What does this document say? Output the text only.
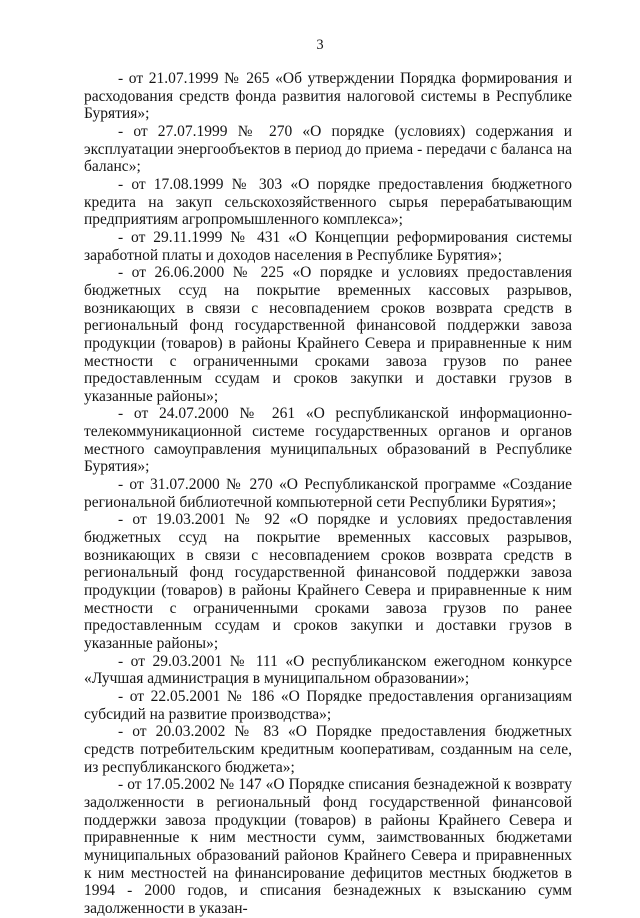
3

- от 21.07.1999 № 265 «Об утверждении Порядка формирования и расходования средств фонда развития налоговой системы в Республике Бурятия»;

- от 27.07.1999 № 270 «О порядке (условиях) содержания и эксплуатации энергообъектов в период до приема - передачи с баланса на баланс»;

- от 17.08.1999 № 303 «О порядке предоставления бюджетного кредита на закуп сельскохозяйственного сырья перерабатывающим предприятиям агропромышленного комплекса»;

- от 29.11.1999 № 431 «О Концепции реформирования системы заработной платы и доходов населения в Республике Бурятия»;

- от 26.06.2000 № 225 «О порядке и условиях предоставления бюджетных ссуд на покрытие временных кассовых разрывов, возникающих в связи с несовпадением сроков возврата средств в региональный фонд государственной финансовой поддержки завоза продукции (товаров) в районы Крайнего Севера и приравненные к ним местности с ограниченными сроками завоза грузов по ранее предоставленным ссудам и сроков закупки и доставки грузов в указанные районы»;

- от 24.07.2000 № 261 «О республиканской информационно-телекоммуникационной системе государственных органов и органов местного самоуправления муниципальных образований в Республике Бурятия»;

- от 31.07.2000 № 270 «О Республиканской программе «Создание региональной библиотечной компьютерной сети Республики Бурятия»;

- от 19.03.2001 № 92 «О порядке и условиях предоставления бюджетных ссуд на покрытие временных кассовых разрывов, возникающих в связи с несовпадением сроков возврата средств в региональный фонд государственной финансовой поддержки завоза продукции (товаров) в районы Крайнего Севера и приравненные к ним местности с ограниченными сроками завоза грузов по ранее предоставленным ссудам и сроков закупки и доставки грузов в указанные районы»;

- от 29.03.2001 № 111 «О республиканском ежегодном конкурсе «Лучшая администрация в муниципальном образовании»;

- от 22.05.2001 № 186 «О Порядке предоставления организациям субсидий на развитие производства»;

- от 20.03.2002 № 83 «О Порядке предоставления бюджетных средств потребительским кредитным кооперативам, созданным на селе, из республиканского бюджета»;

- от 17.05.2002 № 147 «О Порядке списания безнадежной к возврату задолженности в региональный фонд государственной финансовой поддержки завоза продукции (товаров) в районы Крайнего Севера и приравненные к ним местности сумм, заимствованных бюджетами муниципальных образований районов Крайнего Севера и приравненных к ним местностей на финансирование дефицитов местных бюджетов в 1994 - 2000 годов, и списания безнадежных к взысканию сумм задолженности в указан-
